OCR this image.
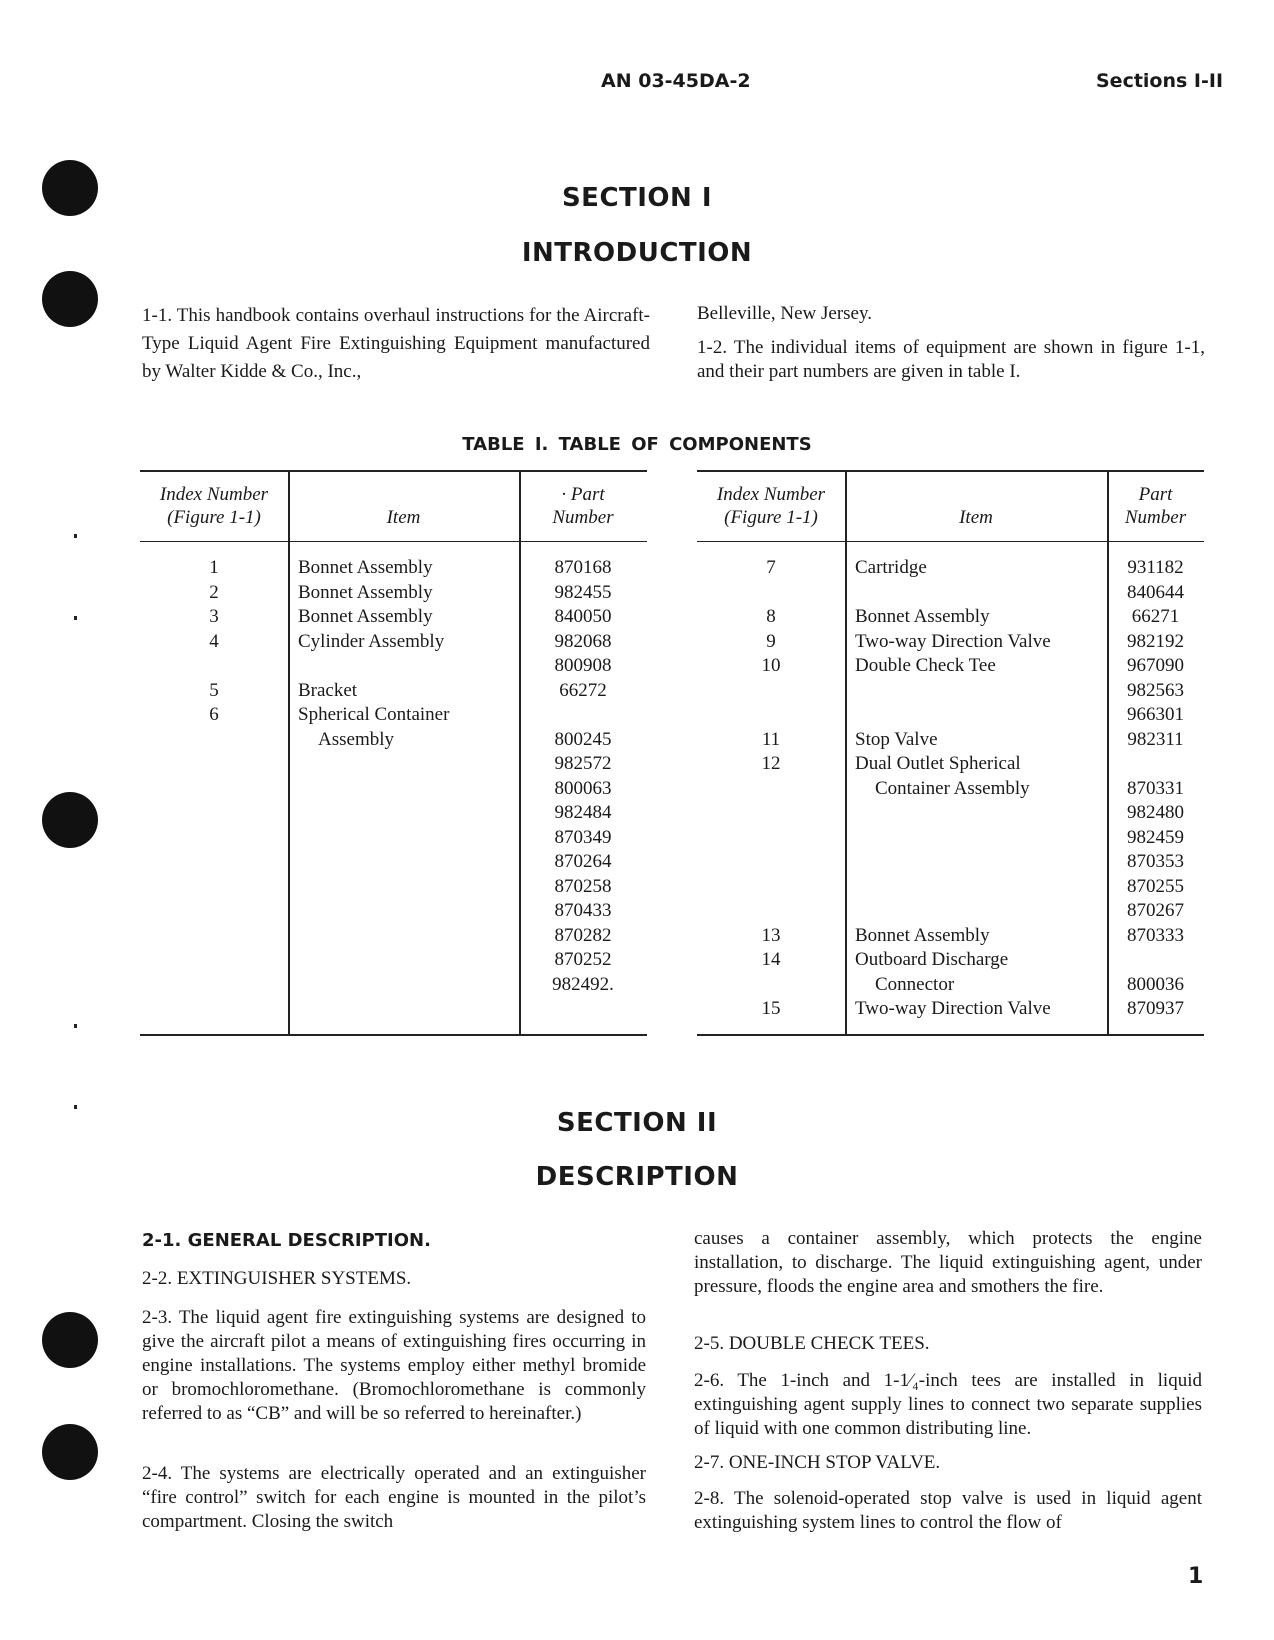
AN 03-45DA-2	Sections I-II
SECTION I
INTRODUCTION

1-1. This handbook contains overhaul instructions for the Aircraft-Type Liquid Agent Fire Extinguishing Equipment manufactured by Walter Kidde & Co., Inc.,

Belleville, New Jersey.

1-2. The individual items of equipment are shown in figure 1-1, and their part numbers are given in table I.

TABLE I. TABLE OF COMPONENTS
Index Number
(Figure 1-1)	Item
· Part
Number
1	Bonnet Assembly	870168
2	Bonnet Assembly	982455
3	Bonnet Assembly	840050
4	Cylinder Assembly	982068
800908
5	Bracket	66272
6	Spherical Container
Assembly	800245
982572
800063
982484
870349
870264
870258
870433
870282
870252
982492.
Index Number
(Figure 1-1)	Item
Part
Number
7	Cartridge	931182
840644
8	Bonnet Assembly	66271
9	Two-way Direction Valve	982192
10	Double Check Tee	967090
982563
966301
11	Stop Valve	982311
12	Dual Outlet Spherical
Container Assembly	870331
982480
982459
870353
870255
870267
13	Bonnet Assembly	870333
14	Outboard Discharge
Connector	800036
15	Two-way Direction Valve	870937
SECTION II
DESCRIPTION
2-1. GENERAL DESCRIPTION.
2-2. EXTINGUISHER SYSTEMS.

2-3. The liquid agent fire extinguishing systems are designed to give the aircraft pilot a means of extinguishing fires occurring in engine installations. The systems employ either methyl bromide or bromochloromethane. (Bromochloromethane is commonly referred to as “CB” and will be so referred to hereinafter.)

2-4. The systems are electrically operated and an extinguisher “fire control” switch for each engine is mounted in the pilot’s compartment. Closing the switch

causes a container assembly, which protects the engine installation, to discharge. The liquid extinguishing agent, under pressure, floods the engine area and smothers the fire.

2-5. DOUBLE CHECK TEES.

2-6. The 1-inch and 1-1⁄₄-inch tees are installed in liquid extinguishing agent supply lines to connect two separate supplies of liquid with one common distributing line.

2-7. ONE-INCH STOP VALVE.

2-8. The solenoid-operated stop valve is used in liquid agent extinguishing system lines to control the flow of

1
